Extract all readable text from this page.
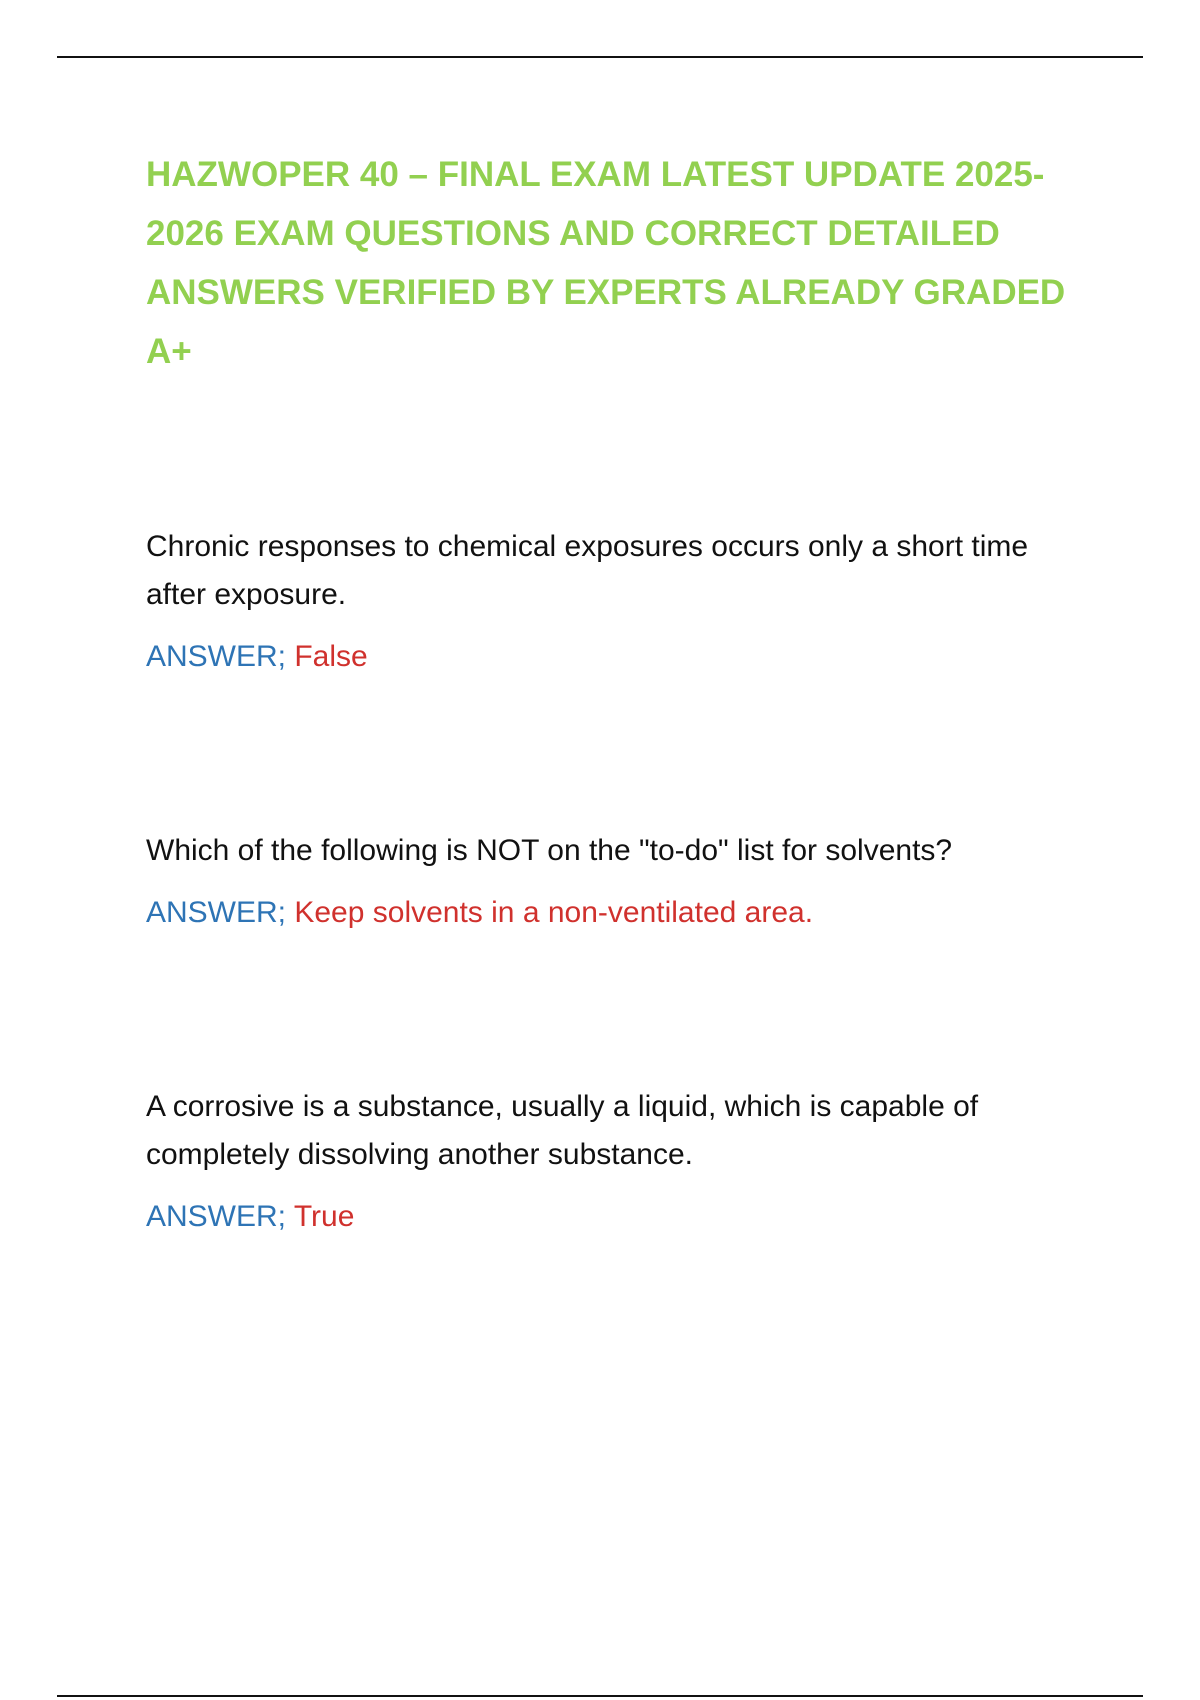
HAZWOPER 40 – FINAL EXAM LATEST UPDATE 2025-2026 EXAM QUESTIONS AND CORRECT DETAILED ANSWERS VERIFIED BY EXPERTS ALREADY GRADED A+

Chronic responses to chemical exposures occurs only a short time after exposure.

ANSWER; False

Which of the following is NOT on the "to-do" list for solvents?

ANSWER; Keep solvents in a non-ventilated area.

A corrosive is a substance, usually a liquid, which is capable of completely dissolving another substance.

ANSWER; True
